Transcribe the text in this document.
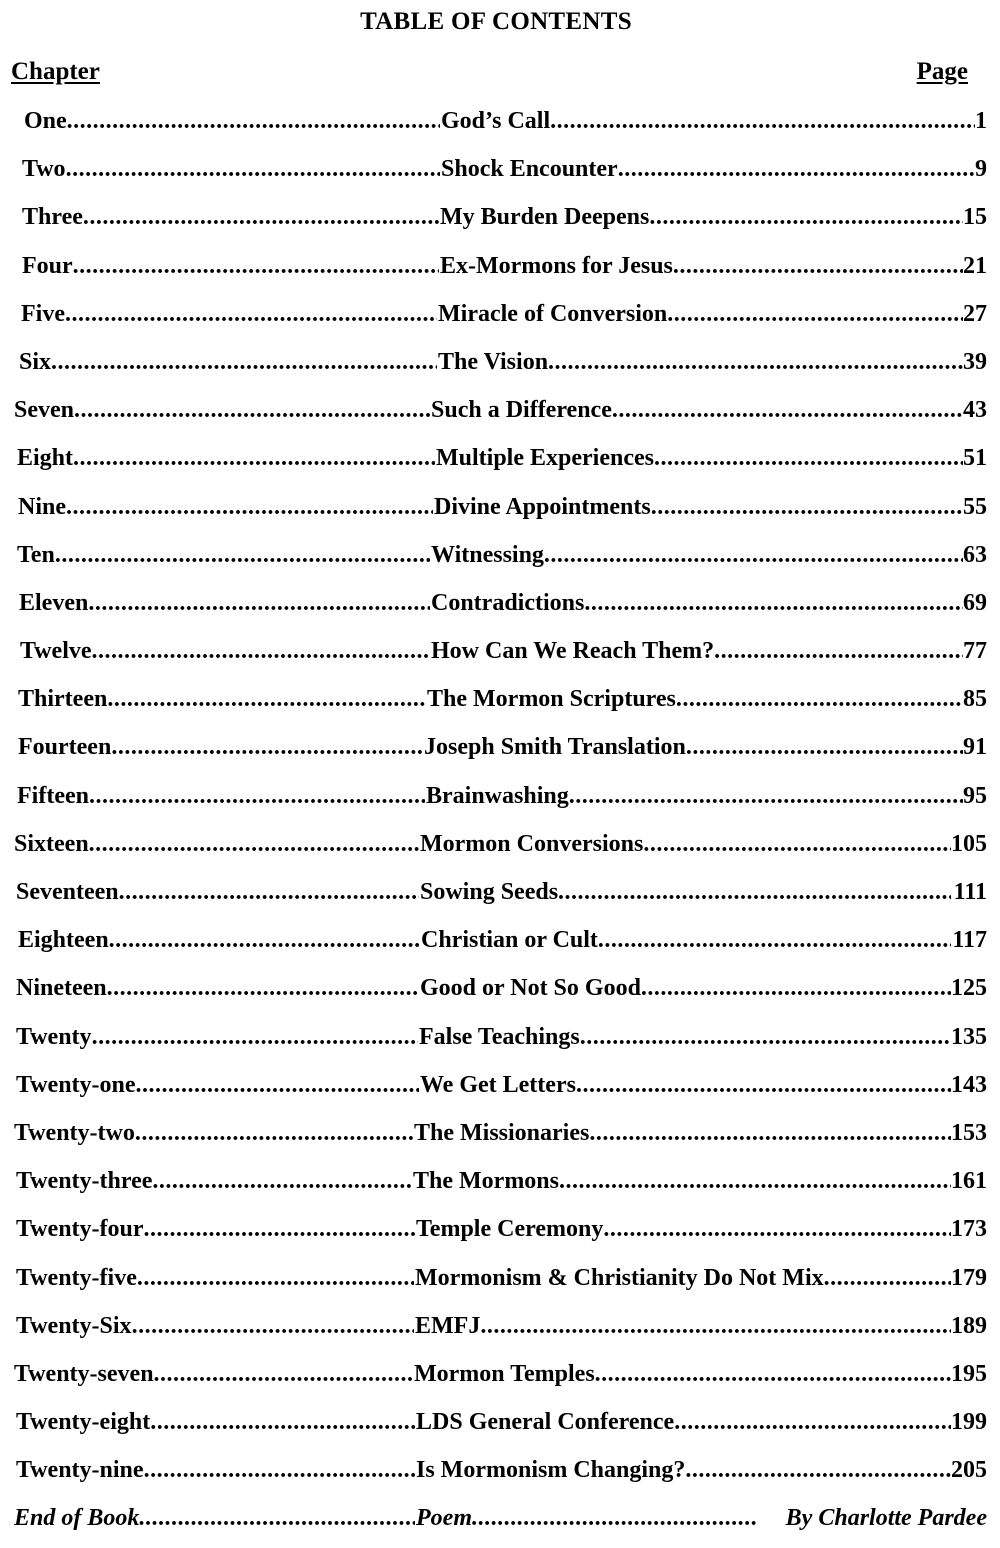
TABLE OF CONTENTS
Chapter	Page
One .....	God’s Call .....	1
Two .....	Shock Encounter .....	9
Three .....	My Burden Deepens .....	15
Four .....	Ex-Mormons for Jesus .....	21
Five .....	Miracle of Conversion .....	27
Six .....	The Vision .....	39
Seven .....	Such a Difference .....	43
Eight .....	Multiple Experiences .....	51
Nine .....	Divine Appointments .....	55
Ten .....	Witnessing .....	63
Eleven .....	Contradictions .....	69
Twelve .....	How Can We Reach Them? .....	77
Thirteen .....	The Mormon Scriptures .....	85
Fourteen .....	Joseph Smith Translation .....	91
Fifteen .....	Brainwashing .....	95
Sixteen .....	Mormon Conversions .....	105
Seventeen .....	Sowing Seeds .....	111
Eighteen .....	Christian or Cult .....	117
Nineteen .....	Good or Not So Good .....	125
Twenty .....	False Teachings .....	135
Twenty-one .....	We Get Letters .....	143
Twenty-two .....	The Missionaries .....	153
Twenty-three .....	The Mormons .....	161
Twenty-four .....	Temple Ceremony .....	173
Twenty-five .....	Mormonism & Christianity Do Not Mix .....	179
Twenty-Six .....	EMFJ .....	189
Twenty-seven .....	Mormon Temples .....	195
Twenty-eight .....	LDS General Conference .....	199
Twenty-nine .....	Is Mormonism Changing? .....	205
End of Book .....	Poem .....	By Charlotte Pardee
